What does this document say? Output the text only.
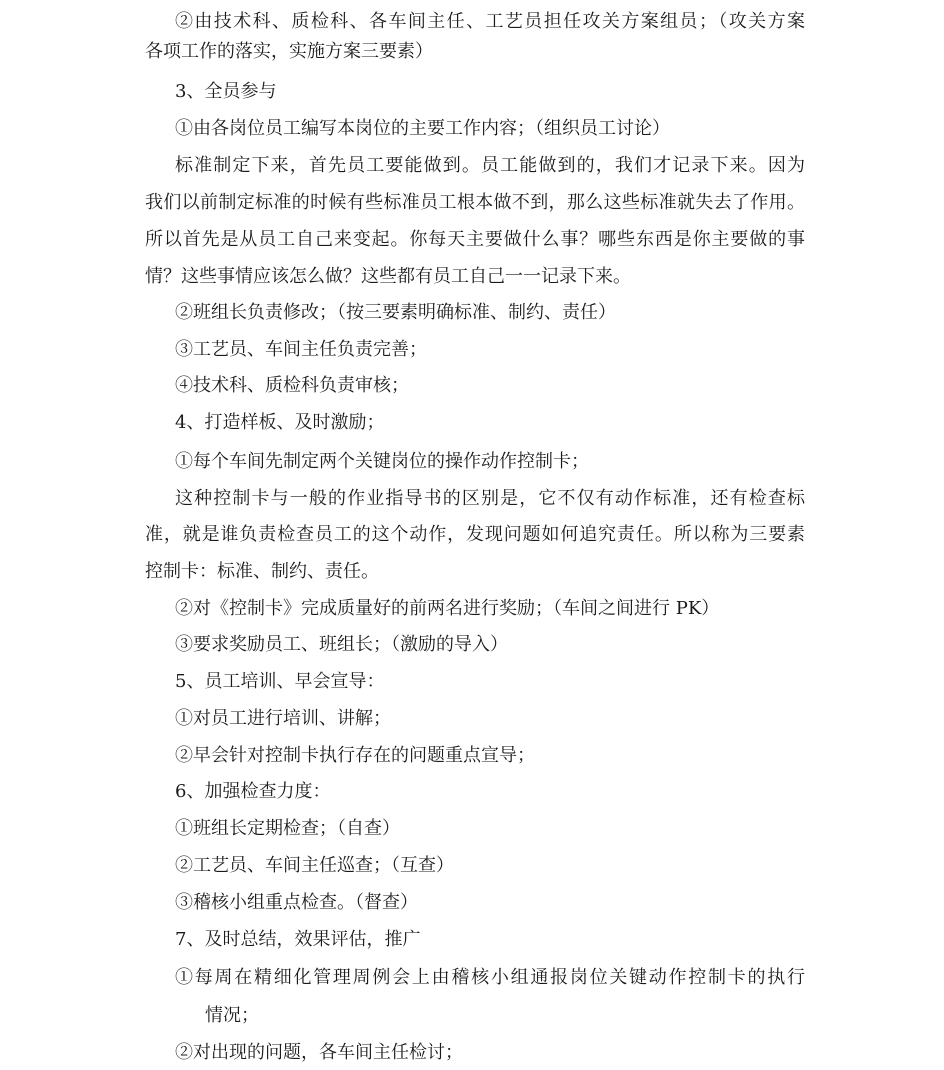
②由技术科、质检科、各车间主任、工艺员担任攻关方案组员；（攻关方案
各项工作的落实，实施方案三要素）
3、全员参与
①由各岗位员工编写本岗位的主要工作内容；（组织员工讨论）
标准制定下来，首先员工要能做到。员工能做到的，我们才记录下来。因为
我们以前制定标准的时候有些标准员工根本做不到，那么这些标准就失去了作用。
所以首先是从员工自己来变起。你每天主要做什么事？哪些东西是你主要做的事
情？这些事情应该怎么做？这些都有员工自己一一记录下来。
②班组长负责修改；（按三要素明确标准、制约、责任）
③工艺员、车间主任负责完善；
④技术科、质检科负责审核；
4、打造样板、及时激励；
①每个车间先制定两个关键岗位的操作动作控制卡；
这种控制卡与一般的作业指导书的区别是，它不仅有动作标准，还有检查标
准，就是谁负责检查员工的这个动作，发现问题如何追究责任。所以称为三要素
控制卡：标准、制约、责任。
②对《控制卡》完成质量好的前两名进行奖励；（车间之间进行 PK）
③要求奖励员工、班组长；（激励的导入）
5、员工培训、早会宣导：
①对员工进行培训、讲解；
②早会针对控制卡执行存在的问题重点宣导；
6、加强检查力度：
①班组长定期检查；（自查）
②工艺员、车间主任巡查；（互查）
③稽核小组重点检查。（督查）
7、及时总结，效果评估，推广
①每周在精细化管理周例会上由稽核小组通报岗位关键动作控制卡的执行
情况；
②对出现的问题，各车间主任检讨；
